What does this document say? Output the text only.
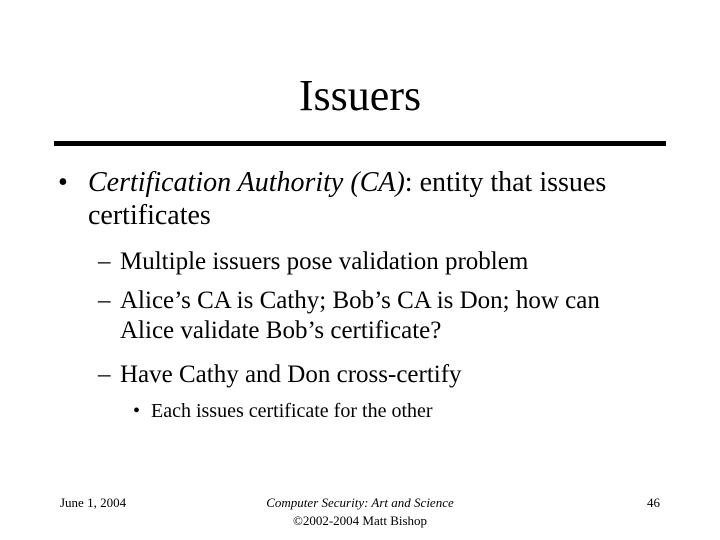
Issuers
• Certification Authority (CA): entity that issues certificates
– Multiple issuers pose validation problem
– Alice’s CA is Cathy; Bob’s CA is Don; how can Alice validate Bob’s certificate?
– Have Cathy and Don cross-certify
• Each issues certificate for the other
June 1, 2004	Computer Security: Art and Science
©2002-2004 Matt Bishop
46
